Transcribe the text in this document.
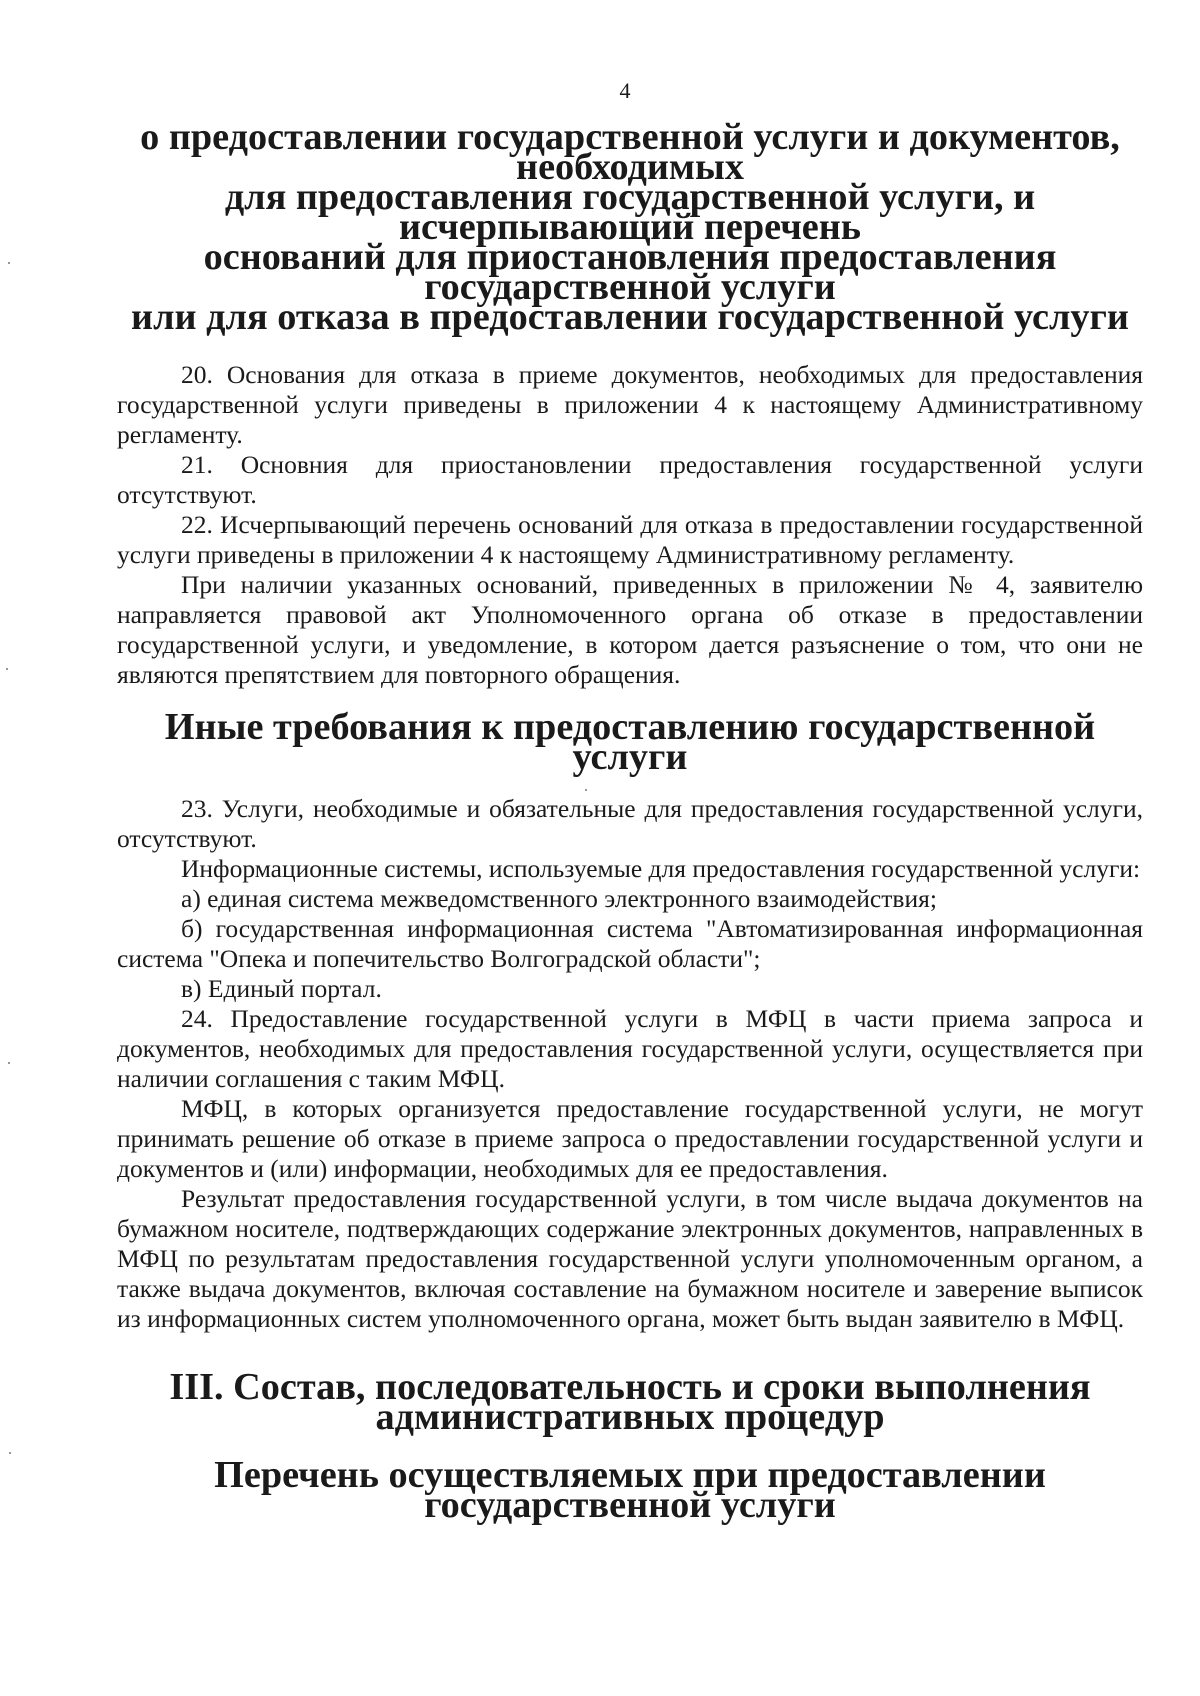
4
о предоставлении государственной услуги и документов, необходимых
для предоставления государственной услуги, и исчерпывающий перечень
оснований для приостановления предоставления государственной услуги
или для отказа в предоставлении государственной услуги

20. Основания для отказа в приеме документов, необходимых для предоставления государственной услуги приведены в приложении 4 к настоящему Административному регламенту.

21. Основния для приостановлении предоставления государственной услуги отсутствуют.

22. Исчерпывающий перечень оснований для отказа в предоставлении государственной услуги приведены в приложении 4 к настоящему Административному регламенту.

При наличии указанных оснований, приведенных в приложении № 4, заявителю направляется правовой акт Уполномоченного органа об отказе в предоставлении государственной услуги, и уведомление, в котором дается разъяснение о том, что они не являются препятствием для повторного обращения.

Иные требования к предоставлению государственной услуги

23. Услуги, необходимые и обязательные для предоставления государственной услуги, отсутствуют.

Информационные системы, используемые для предоставления государственной услуги:

а) единая система межведомственного электронного взаимодействия;

б) государственная информационная система "Автоматизированная информационная система "Опека и попечительство Волгоградской области";

в) Единый портал.

24. Предоставление государственной услуги в МФЦ в части приема запроса и документов, необходимых для предоставления государственной услуги, осуществляется при наличии соглашения с таким МФЦ.

МФЦ, в которых организуется предоставление государственной услуги, не могут принимать решение об отказе в приеме запроса о предоставлении государственной услуги и документов и (или) информации, необходимых для ее предоставления.

Результат предоставления государственной услуги, в том числе выдача документов на бумажном носителе, подтверждающих содержание электронных документов, направленных в МФЦ по результатам предоставления государственной услуги уполномоченным органом, а также выдача документов, включая составление на бумажном носителе и заверение выписок из информационных систем уполномоченного органа, может быть выдан заявителю в МФЦ.

III. Состав, последовательность и сроки выполнения
административных процедур
Перечень осуществляемых при предоставлении государственной услуги
